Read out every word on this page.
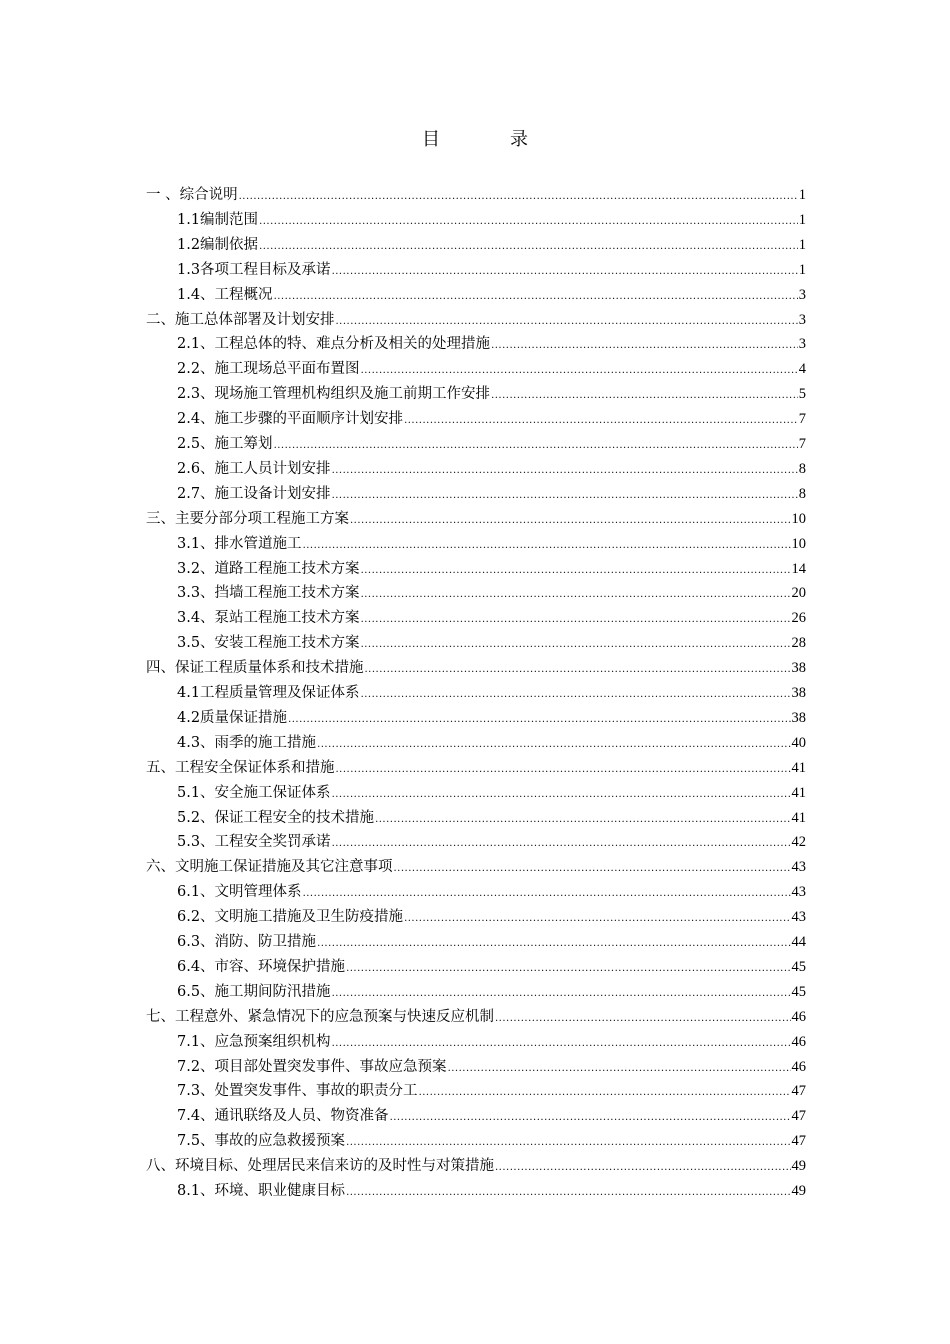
目　录
一 、综合说明 .....	1
1.1编制范围 .....	1
1.2编制依据 .....	1
1.3各项工程目标及承诺 .....	1
1.4、工程概况 .....	3
二、施工总体部署及计划安排 .....	3
2.1、工程总体的特、难点分析及相关的处理措施 .....	3
2.2、施工现场总平面布置图 .....	4
2.3、现场施工管理机构组织及施工前期工作安排 .....	5
2.4、施工步骤的平面顺序计划安排 .....	7
2.5、施工筹划 .....	7
2.6、施工人员计划安排 .....	8
2.7、施工设备计划安排 .....	8
三、主要分部分项工程施工方案 .....	10
3.1、排水管道施工 .....	10
3.2、道路工程施工技术方案 .....	14
3.3、挡墙工程施工技术方案 .....	20
3.4、泵站工程施工技术方案 .....	26
3.5、安装工程施工技术方案 .....	28
四、保证工程质量体系和技术措施 .....	38
4.1工程质量管理及保证体系 .....	38
4.2质量保证措施 .....	38
4.3、雨季的施工措施 .....	40
五、工程安全保证体系和措施 .....	41
5.1、安全施工保证体系 .....	41
5.2、保证工程安全的技术措施 .....	41
5.3、工程安全奖罚承诺 .....	42
六、文明施工保证措施及其它注意事项 .....	43
6.1、文明管理体系 .....	43
6.2、文明施工措施及卫生防疫措施 .....	43
6.3、消防、防卫措施 .....	44
6.4、市容、环境保护措施 .....	45
6.5、施工期间防汛措施 .....	45
七、工程意外、紧急情况下的应急预案与快速反应机制 .....	46
7.1、应急预案组织机构 .....	46
7.2、项目部处置突发事件、事故应急预案 .....	46
7.3、处置突发事件、事故的职责分工 .....	47
7.4、通讯联络及人员、物资准备 .....	47
7.5、事故的应急救援预案 .....	47
八、环境目标、处理居民来信来访的及时性与对策措施 .....	49
8.1、环境、职业健康目标 .....	49
